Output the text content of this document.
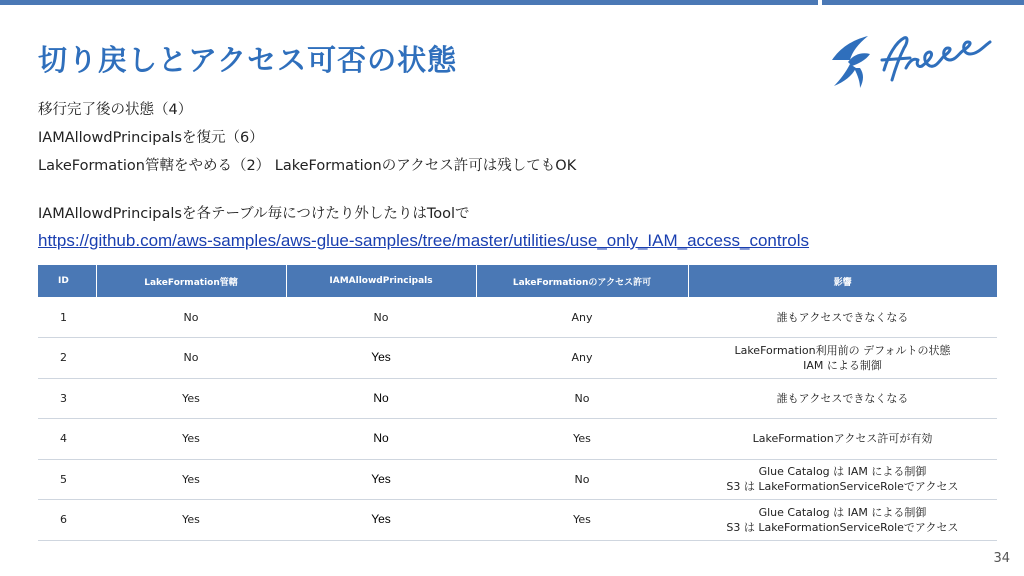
切り戻しとアクセス可否の状態
移行完了後の状態（4）
IAMAllowdPrincipalsを復元（6）
LakeFormation管轄をやめる（2） LakeFormationのアクセス許可は残してもOK
IAMAllowdPrincipalsを各テーブル毎につけたり外したりはToolで
https://github.com/aws-samples/aws-glue-samples/tree/master/utilities/use_only_IAM_access_controls
ID	LakeFormation管轄	IAMAllowdPrincipals	LakeFormationのアクセス許可	影響
1	No	No	Any	誰もアクセスできなくなる
2	No	Yes	Any	LakeFormation利用前の デフォルトの状態
IAM による制御
3	Yes	No	No	誰もアクセスできなくなる
4	Yes	No	Yes	LakeFormationアクセス許可が有効
5	Yes	Yes	No	Glue Catalog は IAM による制御
S3 は LakeFormationServiceRoleでアクセス
6	Yes	Yes	Yes	Glue Catalog は IAM による制御
S3 は LakeFormationServiceRoleでアクセス
34
